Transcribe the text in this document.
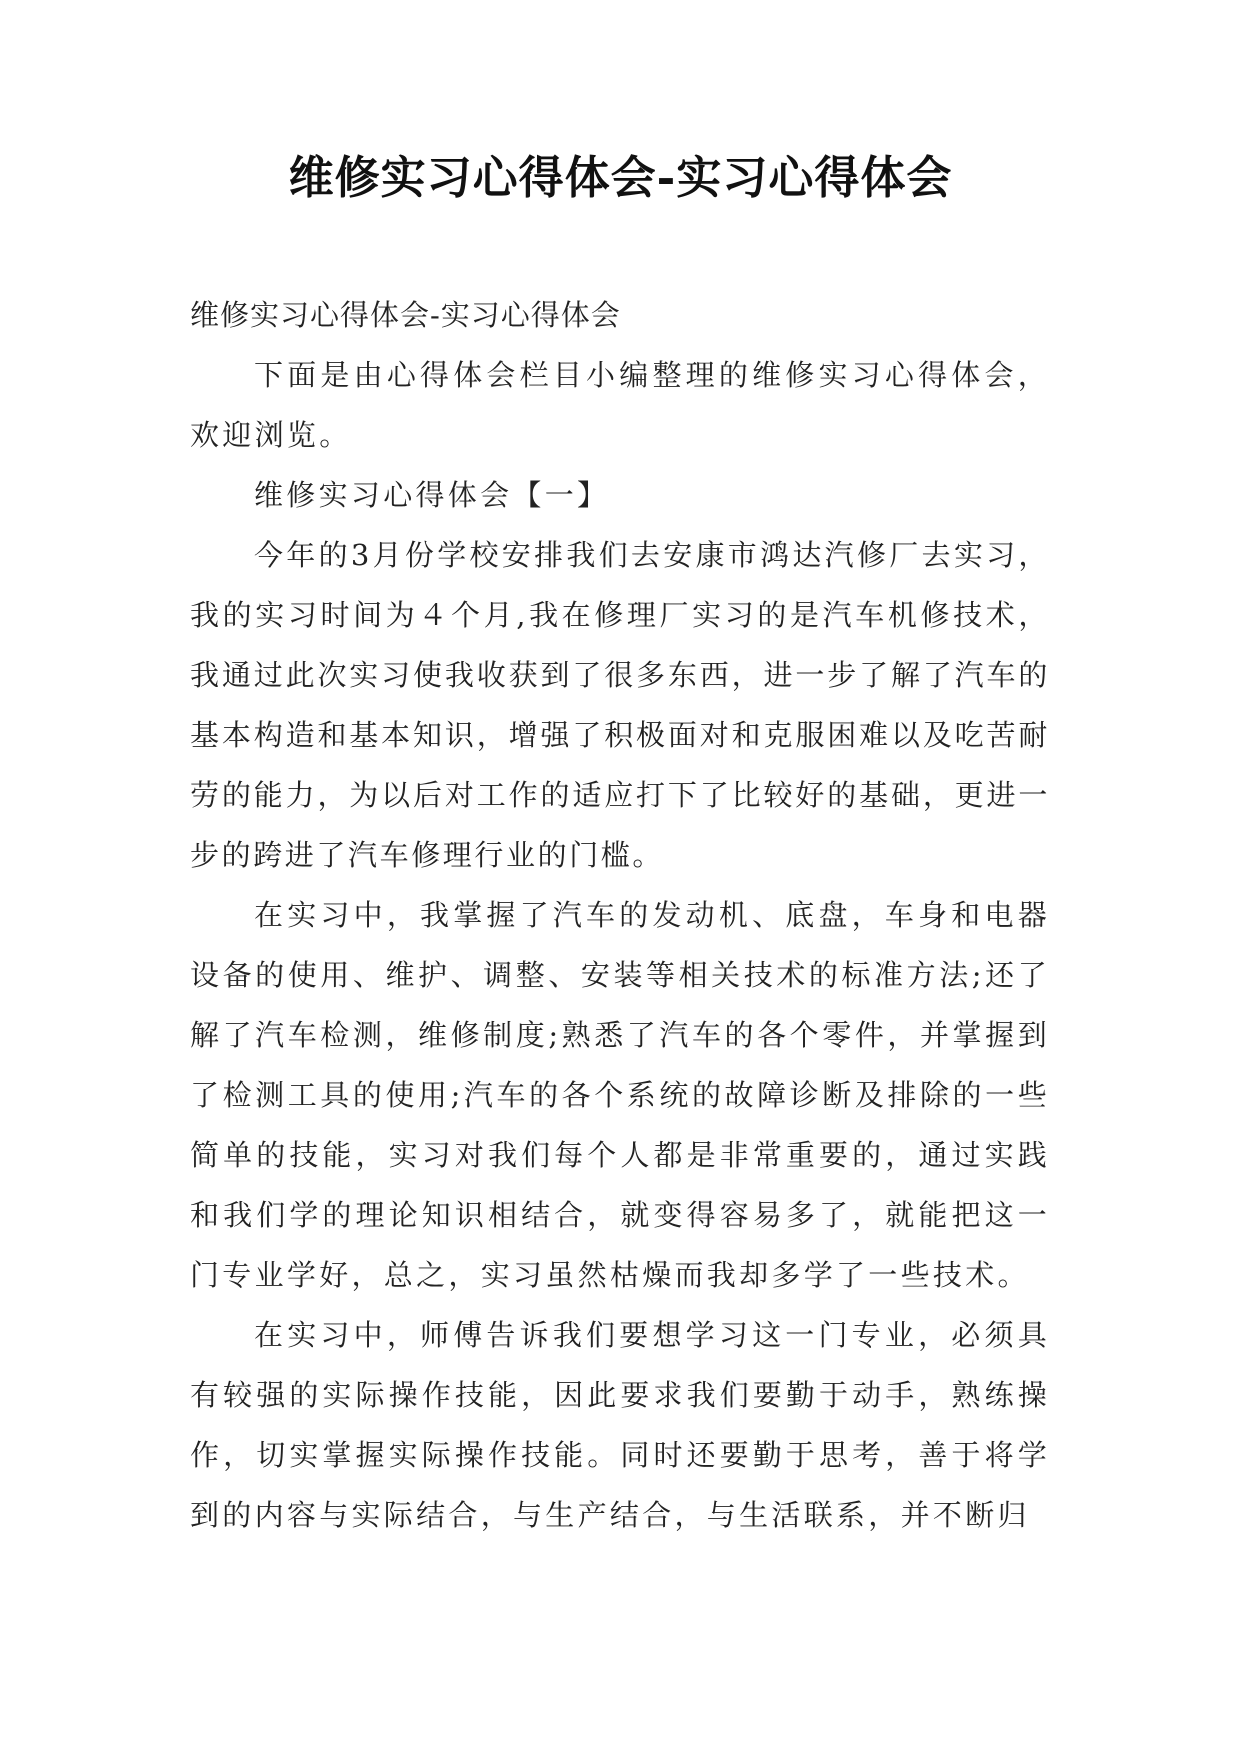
维修实习心得体会-实习心得体会

维修实习心得体会-实习心得体会

下面是由心得体会栏目小编整理的维修实习心得体会，欢迎浏览。

维修实习心得体会【一】

今年的3月份学校安排我们去安康市鸿达汽修厂去实习，我的实习时间为４个月,我在修理厂实习的是汽车机修技术，我通过此次实习使我收获到了很多东西，进一步了解了汽车的基本构造和基本知识，增强了积极面对和克服困难以及吃苦耐劳的能力，为以后对工作的适应打下了比较好的基础，更进一步的跨进了汽车修理行业的门槛。

在实习中，我掌握了汽车的发动机、底盘，车身和电器设备的使用、维护、调整、安装等相关技术的标准方法;还了解了汽车检测，维修制度;熟悉了汽车的各个零件，并掌握到了检测工具的使用;汽车的各个系统的故障诊断及排除的一些简单的技能，实习对我们每个人都是非常重要的，通过实践和我们学的理论知识相结合，就变得容易多了，就能把这一门专业学好，总之，实习虽然枯燥而我却多学了一些技术。

在实习中，师傅告诉我们要想学习这一门专业，必须具有较强的实际操作技能，因此要求我们要勤于动手，熟练操作，切实掌握实际操作技能。同时还要勤于思考，善于将学到的内容与实际结合，与生产结合，与生活联系，并不断归
